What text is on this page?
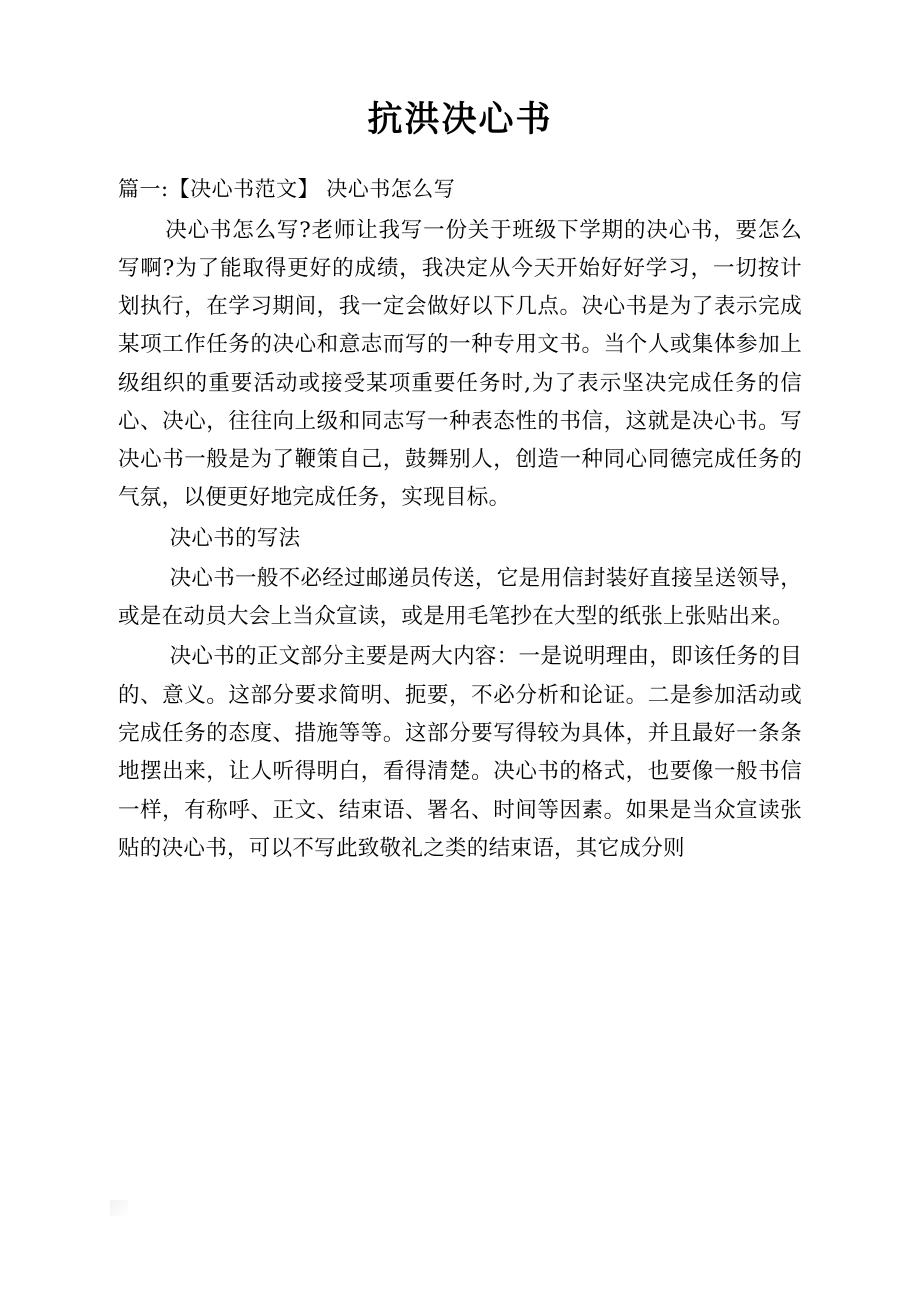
抗洪决心书

篇一:【决心书范文】 决心书怎么写

决心书怎么写?老师让我写一份关于班级下学期的决心书，要怎么写啊?为了能取得更好的成绩，我决定从今天开始好好学习，一切按计划执行，在学习期间，我一定会做好以下几点。决心书是为了表示完成某项工作任务的决心和意志而写的一种专用文书。当个人或集体参加上级组织的重要活动或接受某项重要任务时,为了表示坚决完成任务的信心、决心，往往向上级和同志写一种表态性的书信，这就是决心书。写决心书一般是为了鞭策自己，鼓舞别人，创造一种同心同德完成任务的气氛，以便更好地完成任务，实现目标。

决心书的写法

决心书一般不必经过邮递员传送，它是用信封装好直接呈送领导，或是在动员大会上当众宣读，或是用毛笔抄在大型的纸张上张贴出来。

决心书的正文部分主要是两大内容：一是说明理由，即该任务的目的、意义。这部分要求简明、扼要，不必分析和论证。二是参加活动或完成任务的态度、措施等等。这部分要写得较为具体，并且最好一条条地摆出来，让人听得明白，看得清楚。决心书的格式，也要像一般书信一样，有称呼、正文、结束语、署名、时间等因素。如果是当众宣读张贴的决心书，可以不写此致敬礼之类的结束语，其它成分则
